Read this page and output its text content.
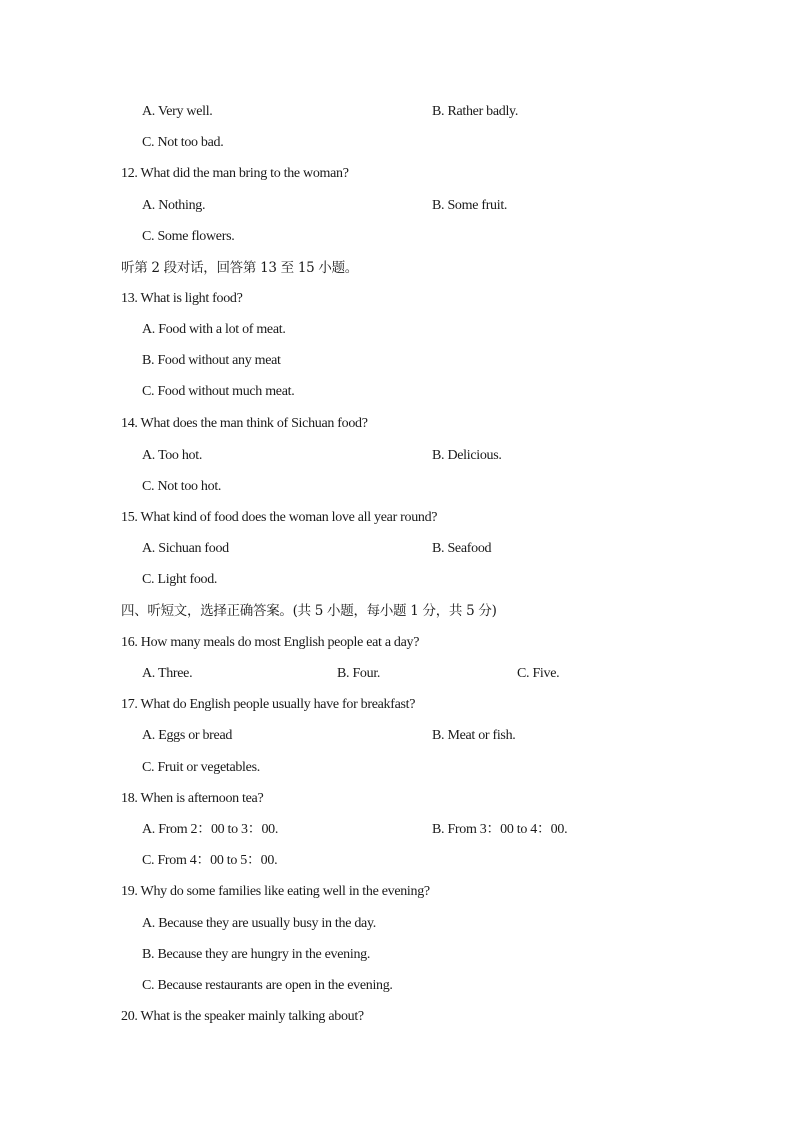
A. Very well.	B. Rather badly.
C. Not too bad.
12. What did the man bring to the woman?
A. Nothing.	B. Some fruit.
C. Some flowers.
听第 2 段对话，回答第 13 至 15 小题。
13. What is light food?
A. Food with a lot of meat.
B. Food without any meat
C. Food without much meat.
14. What does the man think of Sichuan food?
A. Too hot.	B. Delicious.
C. Not too hot.
15. What kind of food does the woman love all year round?
A. Sichuan food	B. Seafood
C. Light food.
四、听短文，选择正确答案。(共 5 小题，每小题 1 分，共 5 分)
16. How many meals do most English people eat a day?
A. Three.	B. Four.	C. Five.
17. What do English people usually have for breakfast?
A. Eggs or bread	B. Meat or fish.
C. Fruit or vegetables.
18. When is afternoon tea?
A. From 2：00 to 3：00.	B. From 3：00 to 4：00.
C. From 4：00 to 5：00.
19. Why do some families like eating well in the evening?
A. Because they are usually busy in the day.
B. Because they are hungry in the evening.
C. Because restaurants are open in the evening.
20. What is the speaker mainly talking about?
